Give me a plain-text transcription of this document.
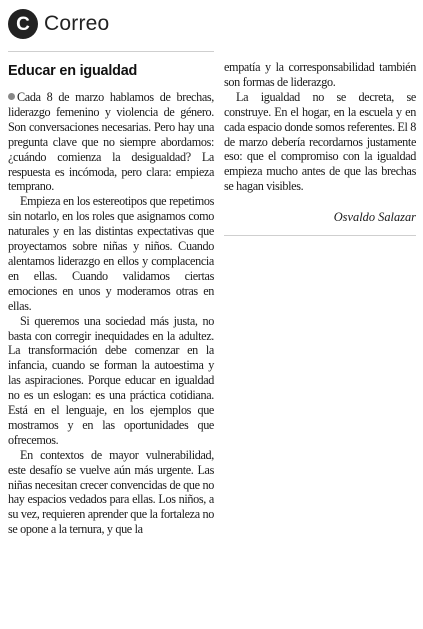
C Correo
Educar en igualdad

Cada 8 de marzo hablamos de brechas, liderazgo femenino y violencia de género. Son conversaciones necesarias. Pero hay una pregunta clave que no siempre abordamos: ¿cuándo comienza la desigualdad? La respuesta es incómoda, pero clara: empieza temprano.

Empieza en los estereotipos que repetimos sin notarlo, en los roles que asignamos como naturales y en las distintas expectativas que proyectamos sobre niñas y niños. Cuando alentamos liderazgo en ellos y complacencia en ellas. Cuando validamos ciertas emociones en unos y moderamos otras en ellas.

Si queremos una sociedad más justa, no basta con corregir inequidades en la adultez. La transformación debe comenzar en la infancia, cuando se forman la autoestima y las aspiraciones. Porque educar en igualdad no es un eslogan: es una práctica cotidiana. Está en el lenguaje, en los ejemplos que mostramos y en las oportunidades que ofrecemos.

En contextos de mayor vulnerabilidad, este desafío se vuelve aún más urgente. Las niñas necesitan crecer convencidas de que no hay espacios vedados para ellas. Los niños, a su vez, requieren aprender que la fortaleza no se opone a la ternura, y que la

empatía y la corresponsabilidad también son formas de liderazgo.

La igualdad no se decreta, se construye. En el hogar, en la escuela y en cada espacio donde somos referentes. El 8 de marzo debería recordarnos justamente eso: que el compromiso con la igualdad empieza mucho antes de que las brechas se hagan visibles.

Osvaldo Salazar
